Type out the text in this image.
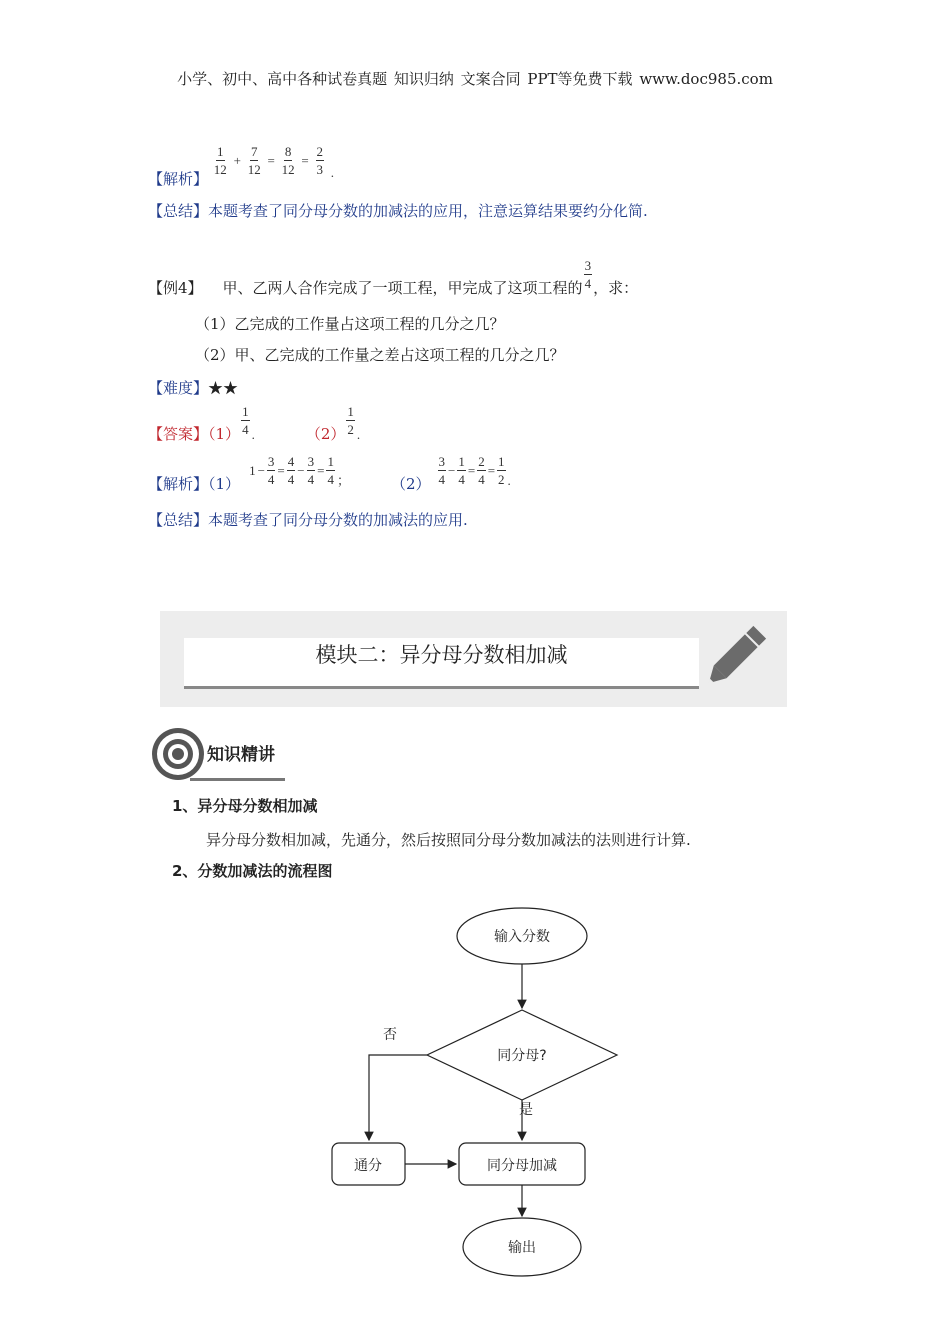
小学、初中、高中各种试卷真题 知识归纳 文案合同 PPT等免费下载 www.doc985.com
【解析】
$\frac{1}{12} + \frac{7}{12} = \frac{8}{12} = \frac{2}{3}$ .
【总结】本题考查了同分母分数的加减法的应用，注意运算结果要约分化简.
【例4】 甲、乙两人合作完成了一项工程，甲完成了这项工程的 $\frac{3}{4}$ ，求：
（1）乙完成的工作量占这项工程的几分之几？
（2）甲、乙完成的工作量之差占这项工程的几分之几？
【难度】★★
【答案】$(1) \frac{1}{4}$ .	$(2) \frac{1}{2}$ .
【解析】$(1)1 - \frac{3}{4} = \frac{4}{4} - \frac{3}{4} = \frac{1}{4}$ ；	$(2) \frac{3}{4} - \frac{1}{4} = \frac{2}{4} = \frac{1}{2}$ .
【总结】本题考查了同分母分数的加减法的应用.
模块二：异分母分数相加减
知识精讲
1、异分母分数相加减
异分母分数相加减，先通分，然后按照同分母分数加减法的法则进行计算.
2、分数加减法的流程图
输入分数
同分母?
否
是
通分	同分母加减
输出
